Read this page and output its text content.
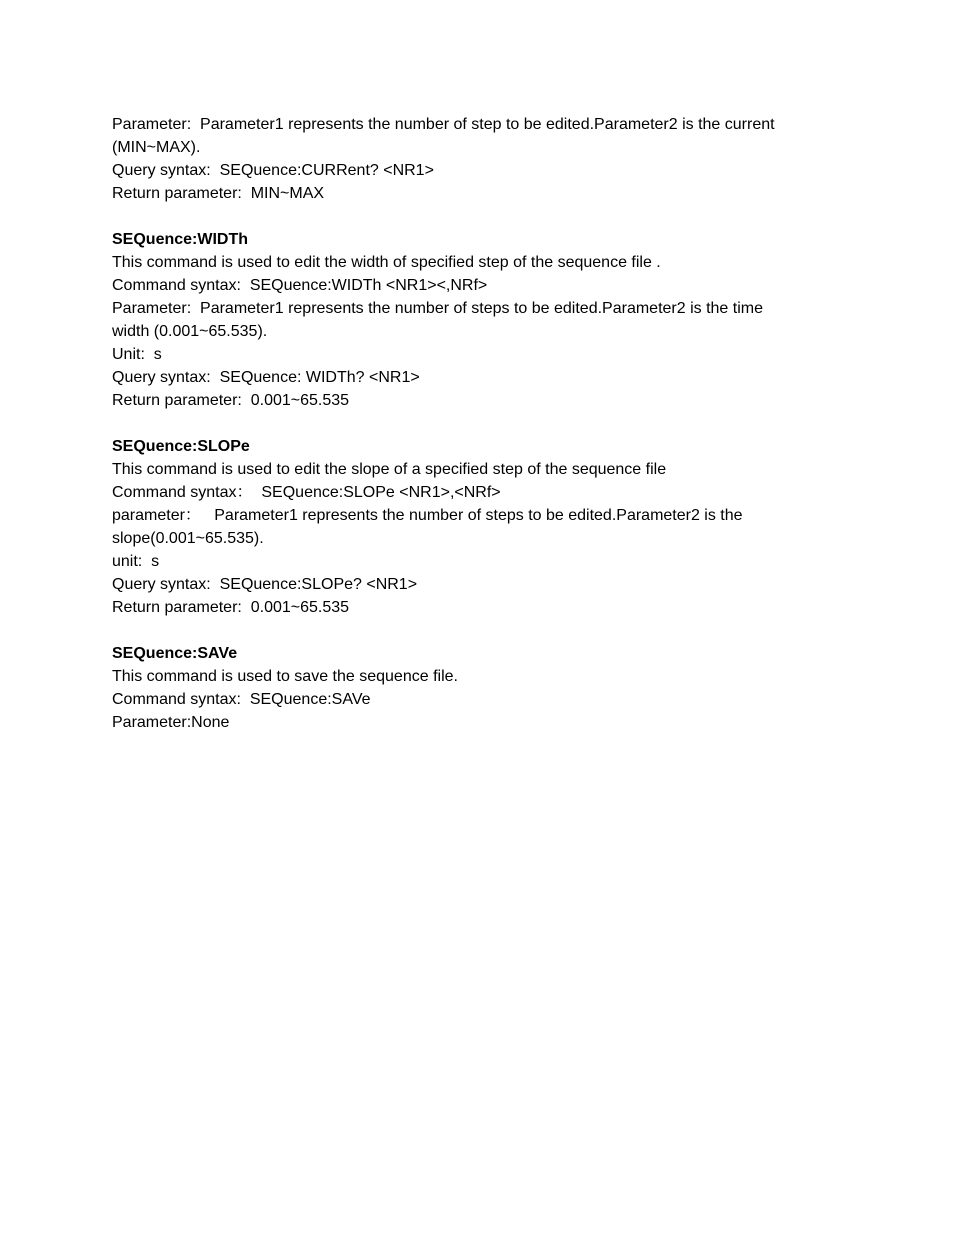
Parameter:  Parameter1 represents the number of step to be edited.Parameter2 is the current

(MIN~MAX).

Query syntax:  SEQuence:CURRent? <NR1>

Return parameter:  MIN~MAX

SEQuence:WIDTh

This command is used to edit the width of specified step of the sequence file .

Command syntax:  SEQuence:WIDTh <NR1><,NRf>

Parameter:  Parameter1 represents the number of steps to be edited.Parameter2 is the time

width (0.001~65.535).

Unit:  s

Query syntax:  SEQuence: WIDTh? <NR1>

Return parameter:  0.001~65.535

SEQuence:SLOPe

This command is used to edit the slope of a specified step of the sequence file

Command syntax：  SEQuence:SLOPe <NR1>,<NRf>

parameter：   Parameter1 represents the number of steps to be edited.Parameter2 is the

slope(0.001~65.535).

unit:  s

Query syntax:  SEQuence:SLOPe? <NR1>

Return parameter:  0.001~65.535

SEQuence:SAVe

This command is used to save the sequence file.

Command syntax:  SEQuence:SAVe

Parameter:None
